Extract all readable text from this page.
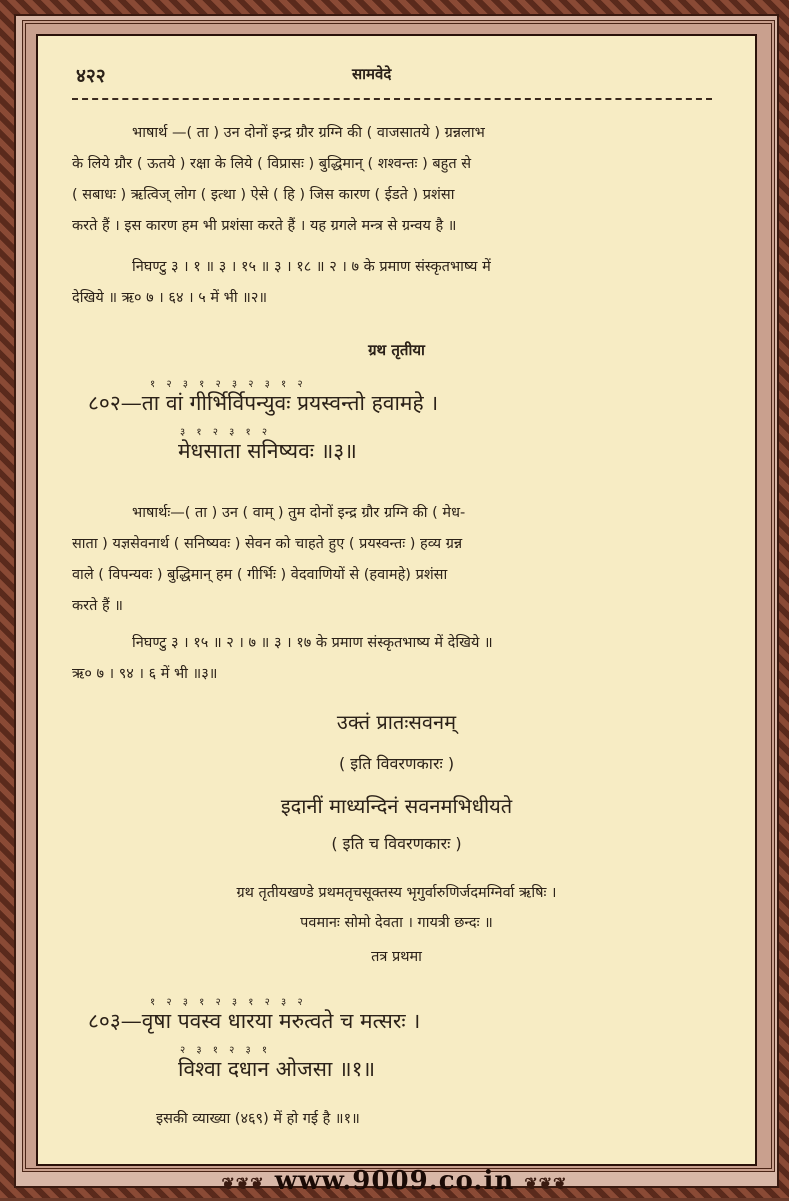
४२२	सामवेदे
भाषार्थ —( ता ) उन दोनों इन्द्र ग्रौर ग्रग्नि की ( वाजसातये ) ग्रन्नलाभ
के लिये ग्रौर ( ऊतये ) रक्षा के लिये ( विप्रासः ) बुद्धिमान् ( शश्वन्तः ) बहुत से
( सबाधः ) ऋत्विज् लोग ( इत्था ) ऐसे ( हि ) जिस कारण ( ईडते ) प्रशंसा
करते हैं । इस कारण हम भी प्रशंसा करते हैं । यह ग्रगले मन्त्र से ग्रन्वय है ॥
निघण्टु ३ । १ ॥ ३ । १५ ॥ ३ । १८ ॥ २ । ७ के प्रमाण संस्कृतभाष्य में
देखिये ॥ ऋ० ७ । ६४ । ५ में भी ॥२॥
ग्रथ तृतीया
१ २ ३ १ २ ३ २ ३ १ २
८०२—ता वां गीर्भिर्विपन्युवः प्रयस्वन्तो हवामहे ।
३ १ २ ३ १ २
मेधसाता सनिष्यवः ॥३॥
भाषार्थः—( ता ) उन ( वाम् ) तुम दोनों इन्द्र ग्रौर ग्रग्नि की ( मेध-
साता ) यज्ञसेवनार्थ ( सनिष्यवः ) सेवन को चाहते हुए ( प्रयस्वन्तः ) हव्य ग्रन्न
वाले ( विपन्यवः ) बुद्धिमान् हम ( गीर्भिः ) वेदवाणियों से (हवामहे) प्रशंसा
करते हैं ॥
निघण्टु ३ । १५ ॥ २ । ७ ॥ ३ । १७ के प्रमाण संस्कृतभाष्य में देखिये ॥
ऋ० ७ । ९४ । ६ में भी ॥३॥
उक्तं प्रातःसवनम्
( इति विवरणकारः )
इदानीं माध्यन्दिनं सवनमभिधीयते
( इति च विवरणकारः )
ग्रथ तृतीयखण्डे प्रथमतृचसूक्तस्य भृगुर्वारुणिर्जदमग्निर्वा ऋषिः ।
पवमानः सोमो देवता । गायत्री छन्दः ॥
तत्र प्रथमा
१ २ ३ १ २ ३ १ २ ३ २
८०३—वृषा पवस्व धारया मरुत्वते च मत्सरः ।
२ ३ १ २ ३ १
विश्वा दधान ओजसा ॥१॥
इसकी व्याख्या (४६९) में हो गई है ॥१॥
❦❦❦ www.9009.co.in ❦❦❦
